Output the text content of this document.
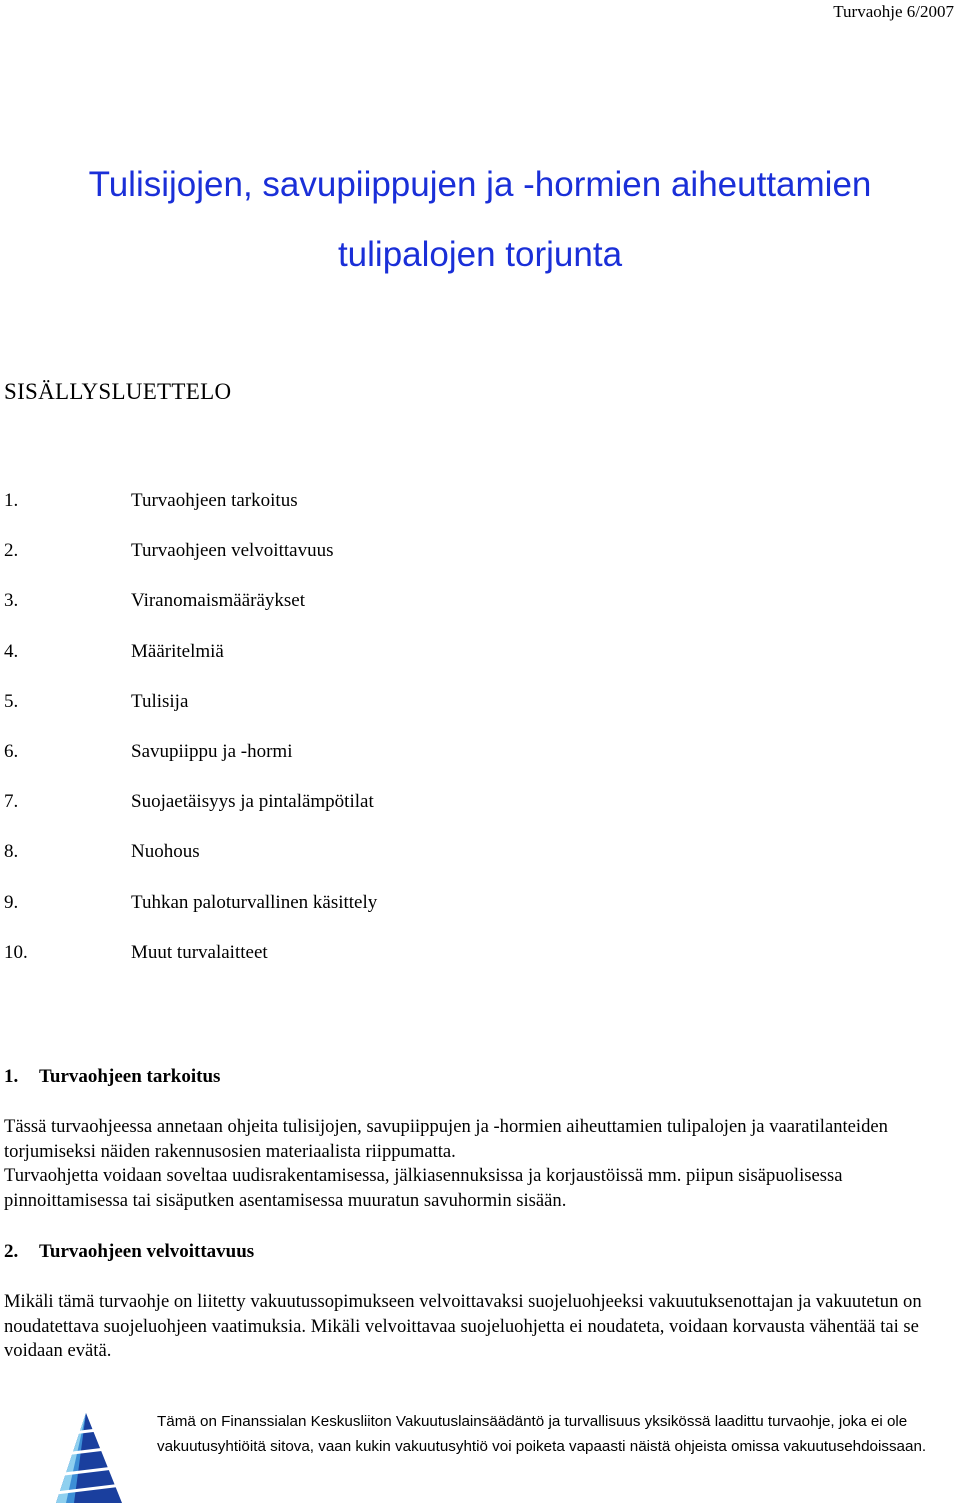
Turvaohje 6/2007
Tulisijojen, savupiippujen ja -hormien aiheuttamien
tulipalojen torjunta
SISÄLLYSLUETTELO
1.	Turvaohjeen tarkoitus
2.	Turvaohjeen velvoittavuus
3.	Viranomaismääräykset
4.	Määritelmiä
5.	Tulisija
6.	Savupiippu ja -hormi
7.	Suojaetäisyys ja pintalämpötilat
8.	Nuohous
9.	Tuhkan paloturvallinen käsittely
10.	Muut turvalaitteet
1. Turvaohjeen tarkoitus

Tässä turvaohjeessa annetaan ohjeita tulisijojen, savupiippujen ja -hormien aiheuttamien tulipalojen ja vaaratilanteiden torjumiseksi näiden rakennusosien materiaalista riippumatta.

Turvaohjetta voidaan soveltaa uudisrakentamisessa, jälkiasennuksissa ja korjaustöissä mm. piipun sisäpuolisessa pinnoittamisessa tai sisäputken asentamisessa muuratun savuhormin sisään.

2. Turvaohjeen velvoittavuus

Mikäli tämä turvaohje on liitetty vakuutussopimukseen velvoittavaksi suojeluohjeeksi vakuutuksenottajan ja vakuutetun on noudatettava suojeluohjeen vaatimuksia. Mikäli velvoittavaa suojeluohjetta ei noudateta, voidaan korvausta vähentää tai se voidaan evätä.

Tämä on Finanssialan Keskusliiton Vakuutuslainsäädäntö ja turvallisuus yksikössä laadittu turvaohje, joka ei ole vakuutusyhtiöitä sitova, vaan kukin vakuutusyhtiö voi poiketa vapaasti näistä ohjeista omissa vakuutusehdoissaan.
